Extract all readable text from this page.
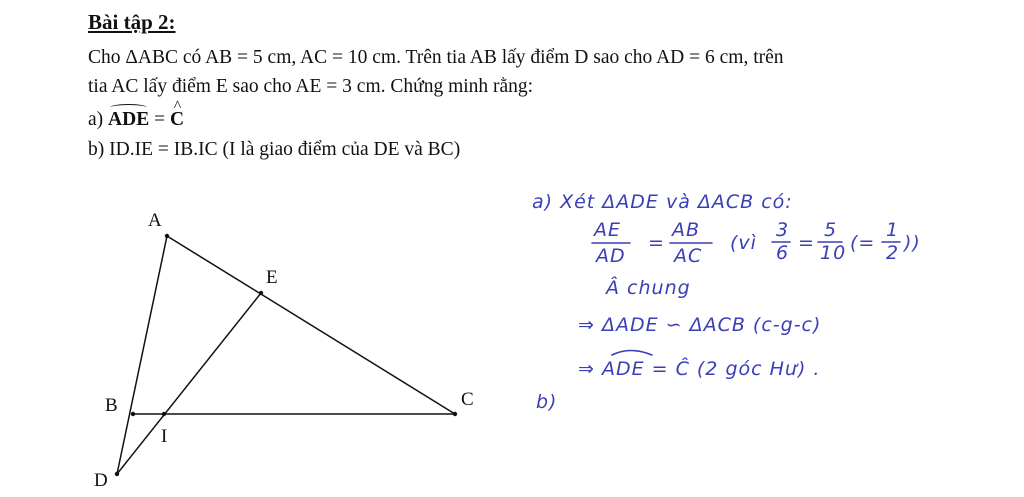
Bài tập 2:
Cho ΔABC có AB = 5 cm, AC = 10 cm. Trên tia AB lấy điểm D sao cho AD = 6 cm, trên
tia AC lấy điểm E sao cho AE = 3 cm. Chứng minh rằng:
a) ADE = ^ C
b) ID.IE = IB.IC (I là giao điểm của DE và BC)
A
E
B
I
C
D
a) Xét ΔADE và ΔACB có:
AE
AD
=
AB
AC
(vì
3
6 =
5
10 (=
1
2 ))
Â chung
⇒ ΔADE ∽ ΔACB (c-g-c)
⇒ ADE = Ĉ (2 góc Hư) .
b)
